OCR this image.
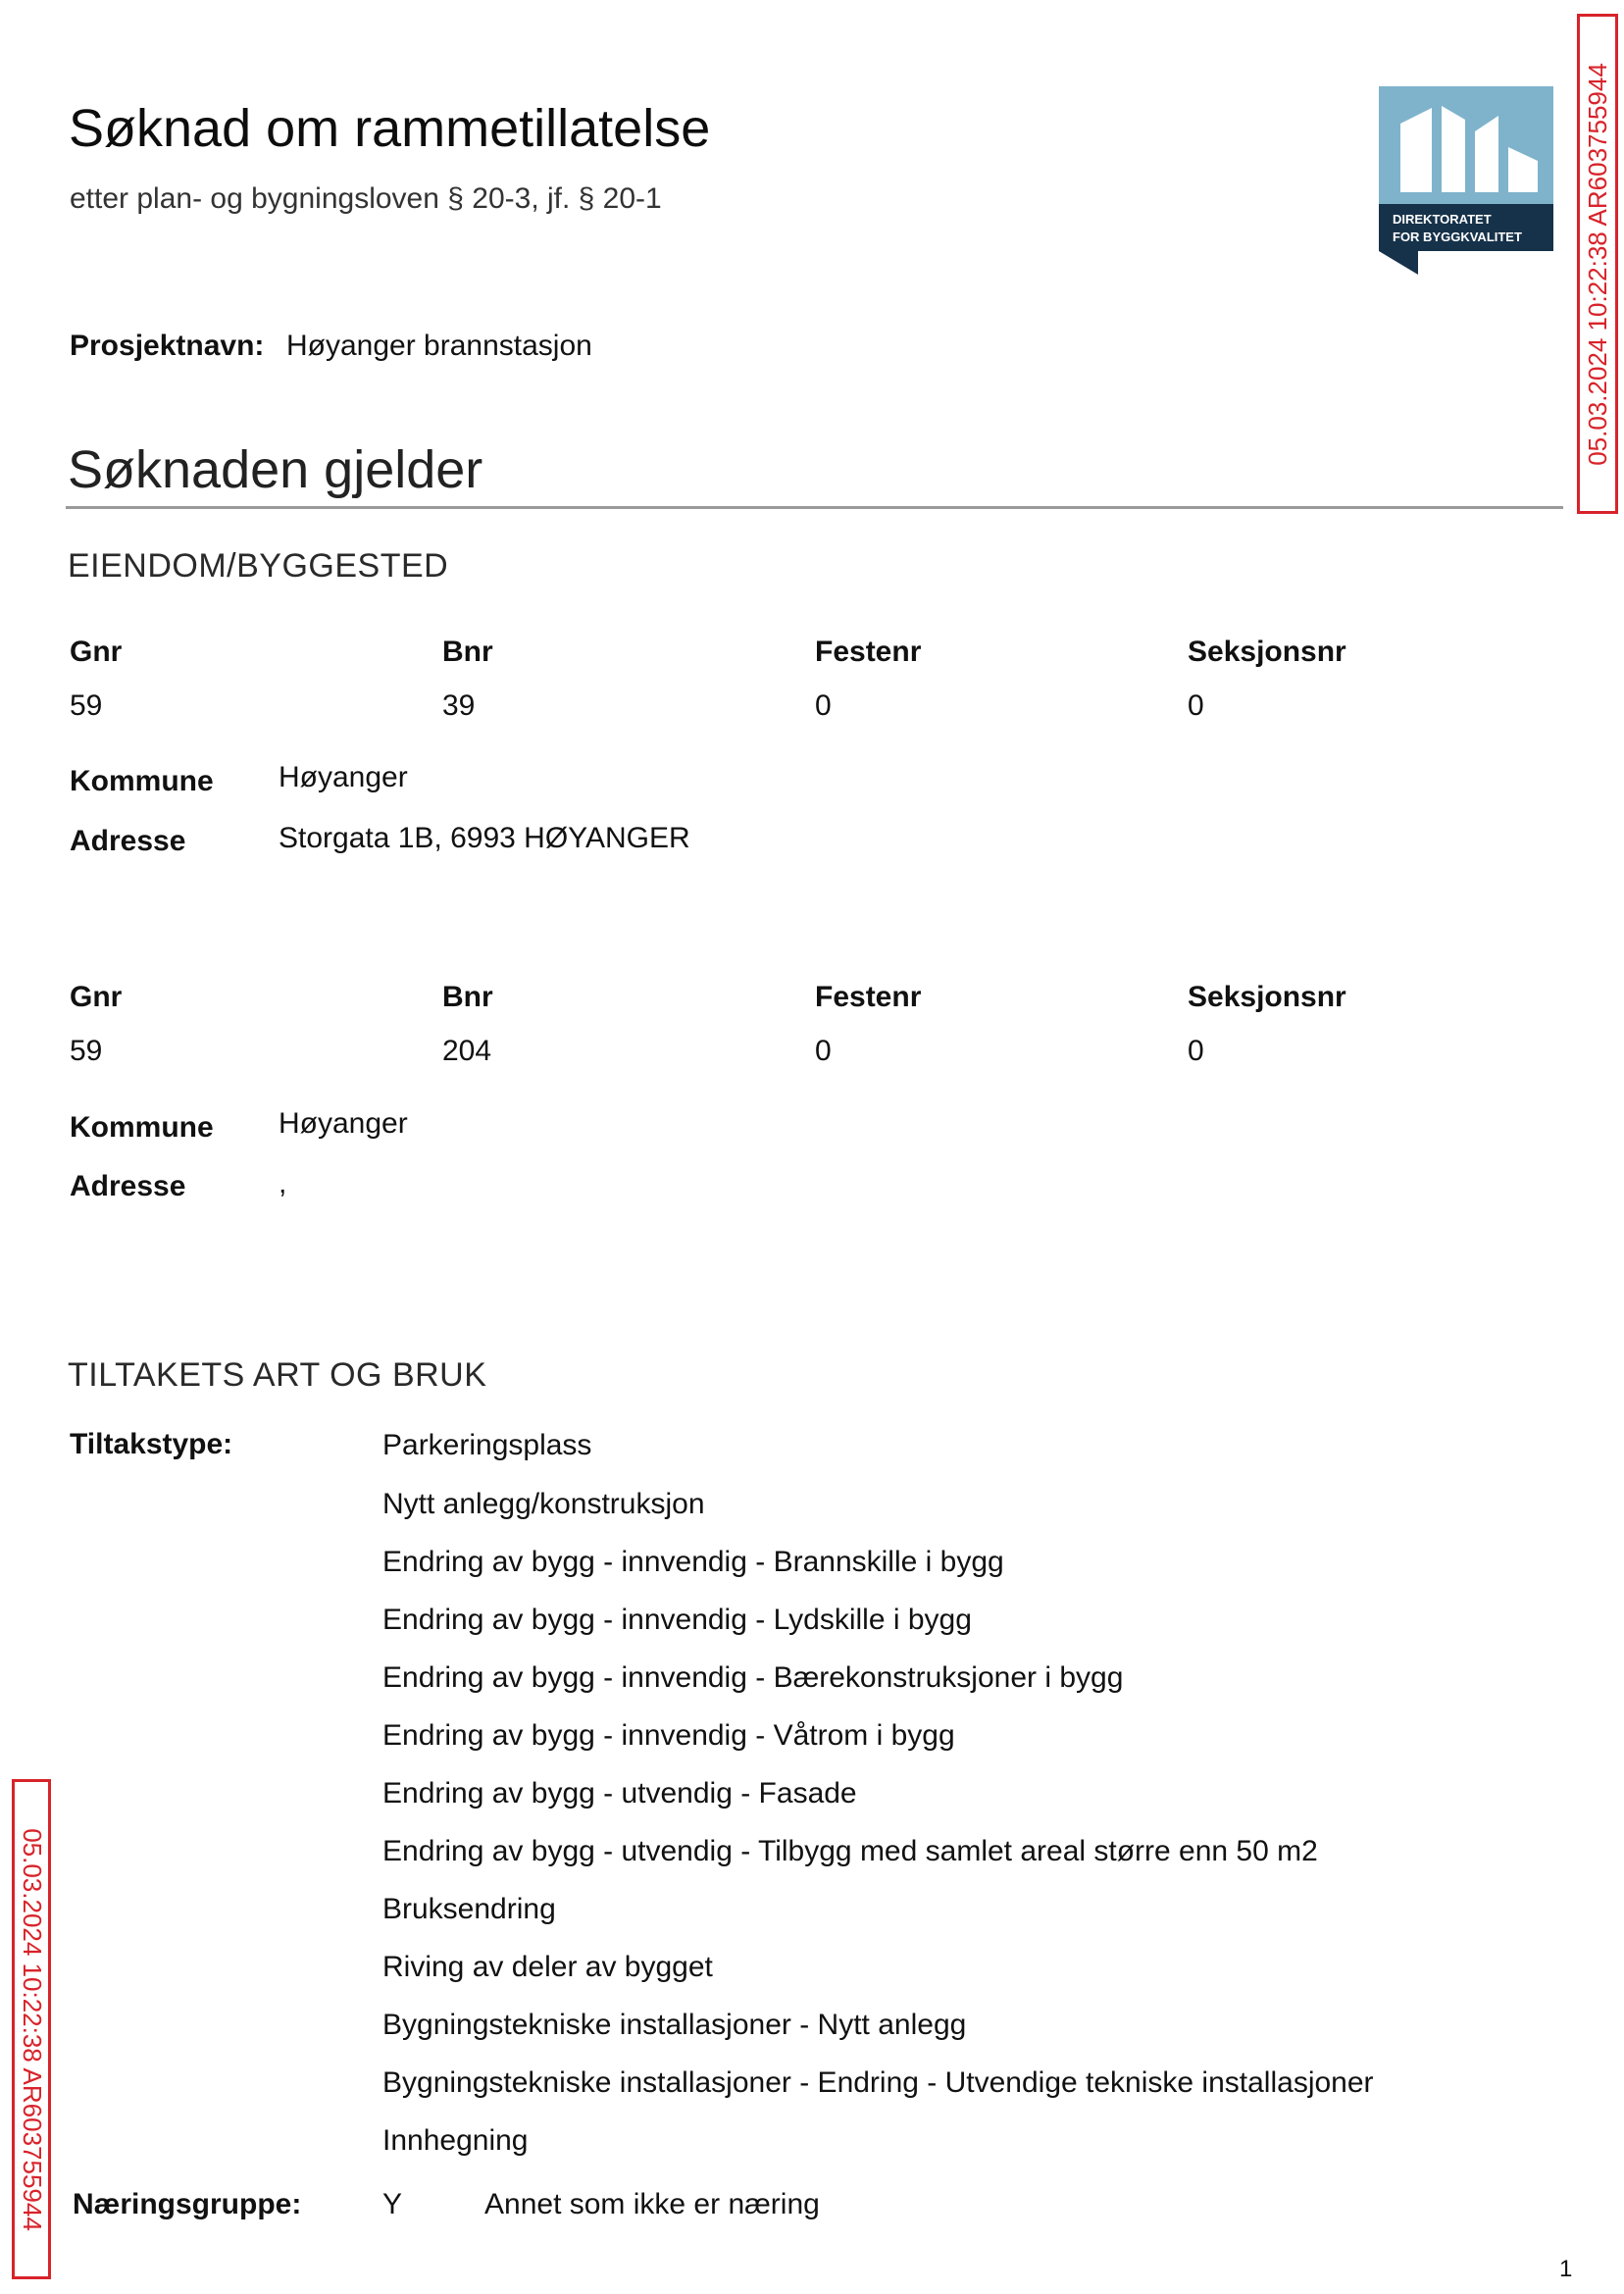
Søknad om rammetillatelse
etter plan- og bygningsloven § 20-3, jf. § 20-1
DIREKTORATET
FOR BYGGKVALITET 05.03.2024 10:22:38 AR603755944
05.03.2024 10:22:38 AR603755944
Prosjektnavn: Høyanger brannstasjon
Søknaden gjelder
EIENDOM/BYGGESTED
Gnr	Bnr	Festenr	Seksjonsnr
59	39	0	0
Kommune Høyanger
Adresse	Storgata 1B, 6993 HØYANGER
Gnr	Bnr	Festenr	Seksjonsnr
59	204	0	0
Kommune Høyanger
Adresse	,
TILTAKETS ART OG BRUK
Tiltakstype:	Parkeringsplass
Nytt anlegg/konstruksjon
Endring av bygg - innvendig - Brannskille i bygg
Endring av bygg - innvendig - Lydskille i bygg
Endring av bygg - innvendig - Bærekonstruksjoner i bygg
Endring av bygg - innvendig - Våtrom i bygg
Endring av bygg - utvendig - Fasade
Endring av bygg - utvendig - Tilbygg med samlet areal større enn 50 m2
Bruksendring
Riving av deler av bygget
Bygningstekniske installasjoner - Nytt anlegg
Bygningstekniske installasjoner - Endring - Utvendige tekniske installasjoner
Innhegning
Næringsgruppe:	Y	Annet som ikke er næring
1
